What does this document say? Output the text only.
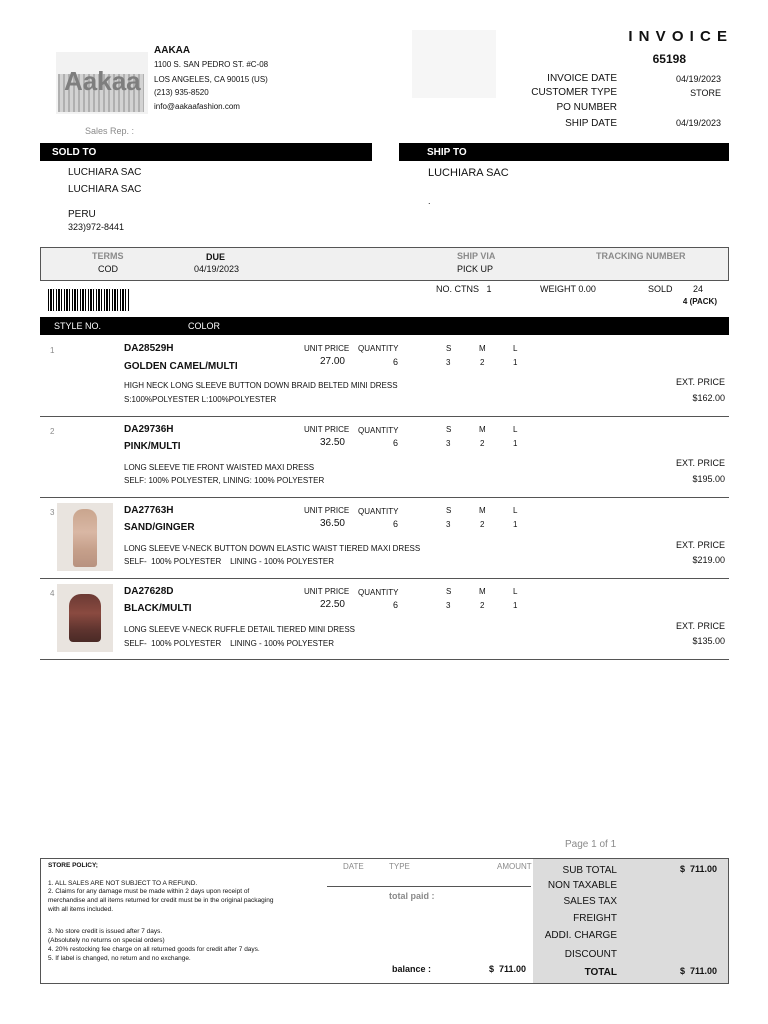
Aakaa
AAKAA
1100 S. SAN PEDRO ST. #C-08
LOS ANGELES, CA 90015 (US)
(213) 935-8520
info@aakaafashion.com
Sales Rep. :
I N V O I C E
65198
INVOICE DATE	04/19/2023
CUSTOMER TYPE	STORE
PO NUMBER
SHIP DATE	04/19/2023
SOLD TO	SHIP TO
LUCHIARA SAC
LUCHIARA SAC
PERU
323)972-8441
LUCHIARA SAC
.
TERMS
COD
DUE
04/19/2023
SHIP VIA
PICK UP
TRACKING NUMBER
NO. CTNS   1	WEIGHT 0.00	SOLD 24
4 (PACK)
STYLE NO.	COLOR
1	DA28529H
GOLDEN CAMEL/MULTI
UNIT PRICE
27.00
QUANTITY
6
S	M	L
3	2	1
HIGH NECK LONG SLEEVE BUTTON DOWN BRAID BELTED MINI DRESS
S:100%POLYESTER L:100%POLYESTER
EXT. PRICE
$162.00
2	DA29736H
PINK/MULTI
UNIT PRICE
32.50
QUANTITY
6
S	M	L
3	2	1
LONG SLEEVE TIE FRONT WAISTED MAXI DRESS
SELF: 100% POLYESTER, LINING: 100% POLYESTER
EXT. PRICE
$195.00
3	DA27763H
SAND/GINGER
UNIT PRICE
36.50
QUANTITY
6
S	M	L
3	2	1
LONG SLEEVE V-NECK BUTTON DOWN ELASTIC WAIST TIERED MAXI DRESS
SELF-  100% POLYESTER    LINING - 100% POLYESTER
EXT. PRICE
$219.00
4	DA27628D
BLACK/MULTI
UNIT PRICE
22.50
QUANTITY
6
S	M	L
3	2	1
LONG SLEEVE V-NECK RUFFLE DETAIL TIERED MINI DRESS
SELF-  100% POLYESTER    LINING - 100% POLYESTER
EXT. PRICE
$135.00
Page 1 of 1
STORE POLICY;
1. ALL SALES ARE NOT SUBJECT TO A REFUND.
2. Claims for any damage must be made within 2 days upon receipt of
merchandise and all items returned for credit must be in the original packaging
with all items included.
3. No store credit is issued after 7 days.
(Absolutely no returns on special orders)
4. 20% restocking fee charge on all returned goods for credit after 7 days.
5. If label is changed, no return and no exchange.
DATE	TYPE	AMOUNT
total paid :
balance :	$  711.00
SUB TOTAL	$  711.00
NON TAXABLE
SALES TAX
FREIGHT
ADDI. CHARGE
DISCOUNT
TOTAL	$  711.00
